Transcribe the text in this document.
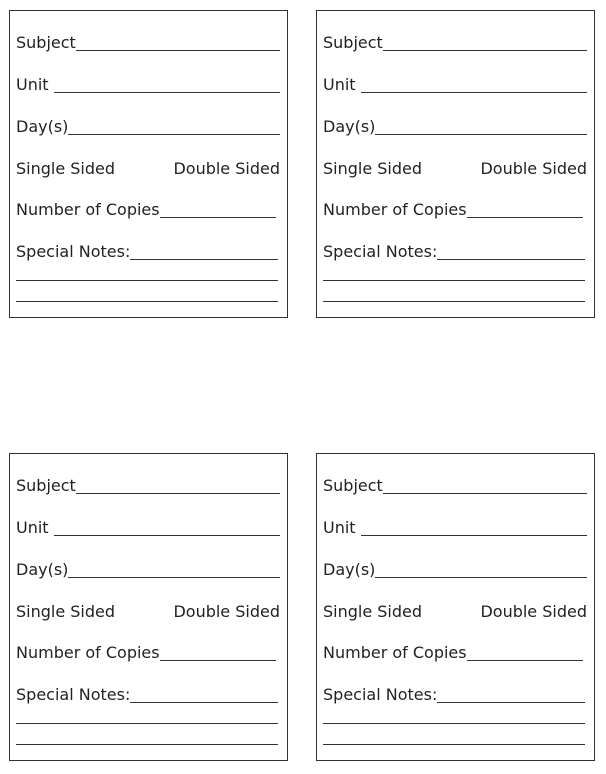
Subject
Unit
Day(s)
Single Sided	Double Sided
Number of Copies
Special Notes:
Subject
Unit
Day(s)
Single Sided	Double Sided
Number of Copies
Special Notes:
Subject
Unit
Day(s)
Single Sided	Double Sided
Number of Copies
Special Notes:
Subject
Unit
Day(s)
Single Sided	Double Sided
Number of Copies
Special Notes:
